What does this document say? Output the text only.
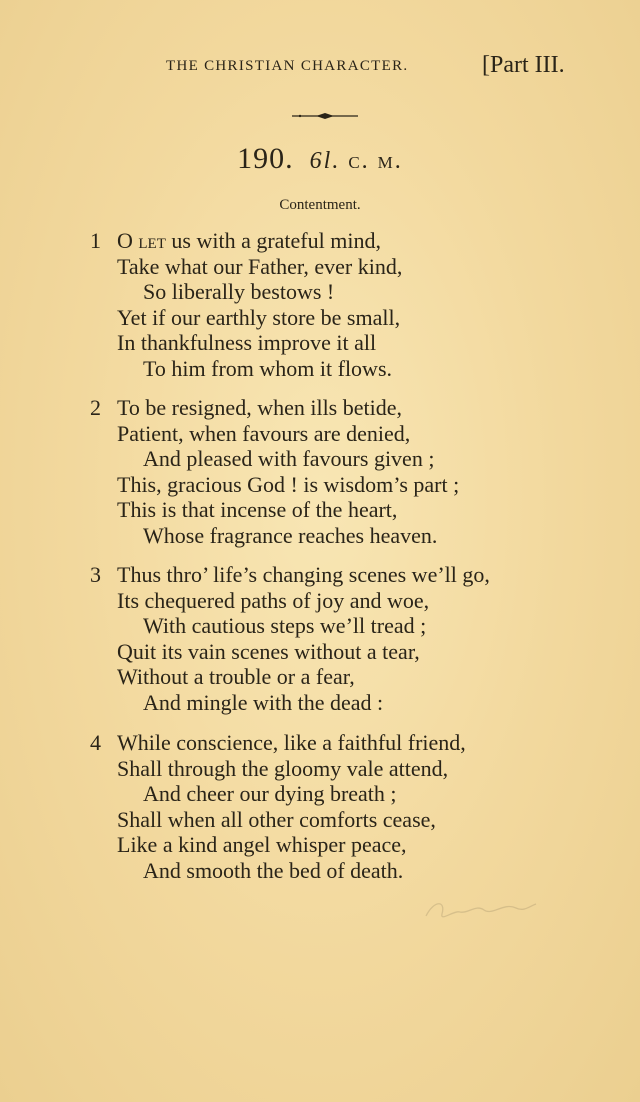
THE CHRISTIAN CHARACTER.	[Part III.
190. 6l. c. m.
Contentment.
1 O let us with a grateful mind,
Take what our Father, ever kind,
So liberally bestows !
Yet if our earthly store be small,
In thankfulness improve it all
To him from whom it flows.
2 To be resigned, when ills betide,
Patient, when favours are denied,
And pleased with favours given ;
This, gracious God ! is wisdom’s part ;
This is that incense of the heart,
Whose fragrance reaches heaven.
3 Thus thro’ life’s changing scenes we’ll go,
Its chequered paths of joy and woe,
With cautious steps we’ll tread ;
Quit its vain scenes without a tear,
Without a trouble or a fear,
And mingle with the dead :
4 While conscience, like a faithful friend,
Shall through the gloomy vale attend,
And cheer our dying breath ;
Shall when all other comforts cease,
Like a kind angel whisper peace,
And smooth the bed of death.
